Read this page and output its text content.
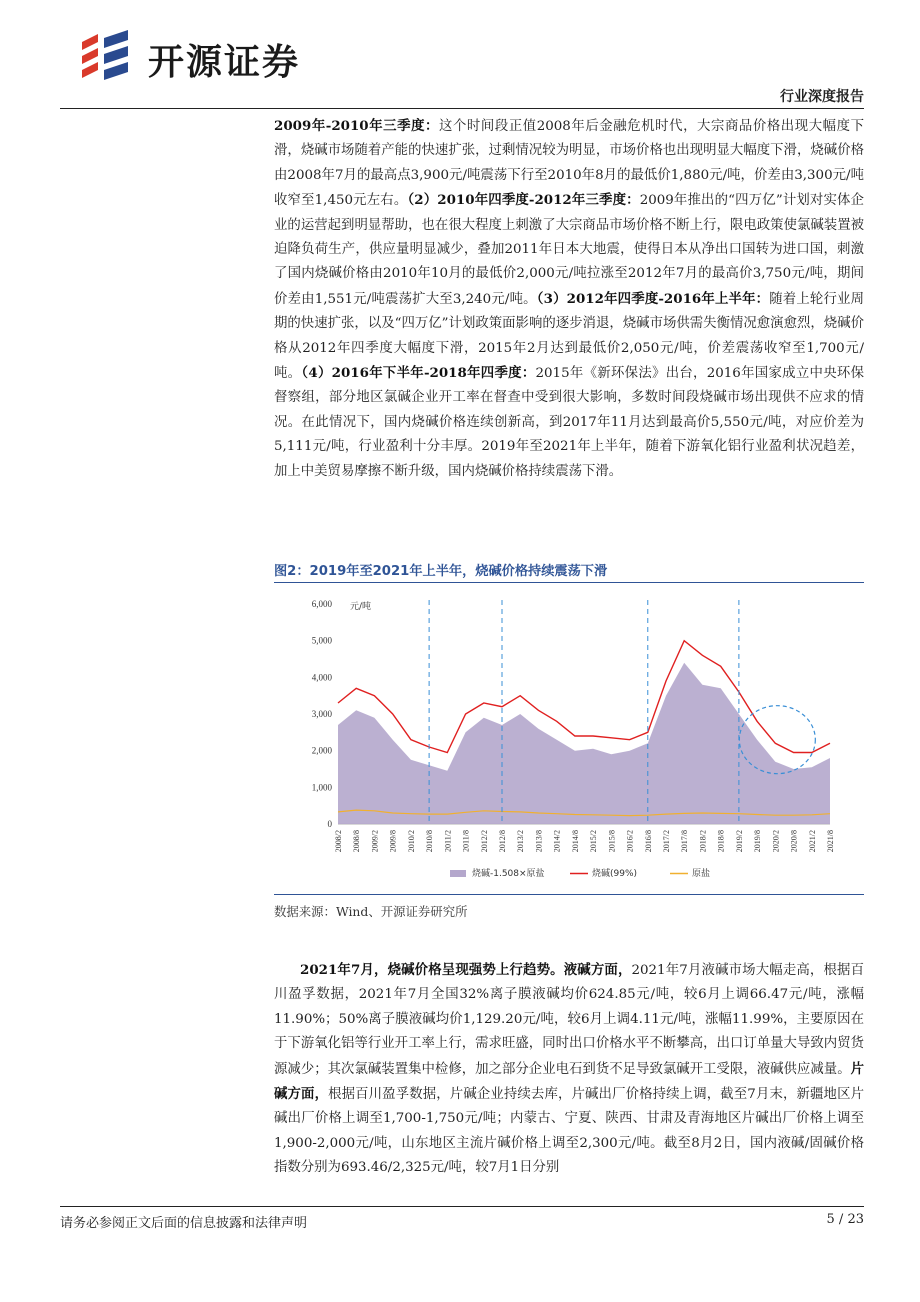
开源证券
行业深度报告
2009年-2010年三季度：这个时间段正值2008年后金融危机时代，大宗商品价格出现大幅度下滑，烧碱市场随着产能的快速扩张，过剩情况较为明显，市场价格也出现明显大幅度下滑，烧碱价格由2008年7月的最高点3,900元/吨震荡下行至2010年8月的最低价1,880元/吨，价差由3,300元/吨收窄至1,450元左右。（2）2010年四季度-2012年三季度：2009年推出的“四万亿”计划对实体企业的运营起到明显帮助，也在很大程度上刺激了大宗商品市场价格不断上行，限电政策使氯碱装置被迫降负荷生产，供应量明显减少，叠加2011年日本大地震，使得日本从净出口国转为进口国，刺激了国内烧碱价格由2010年10月的最低价2,000元/吨拉涨至2012年7月的最高价3,750元/吨，期间价差由1,551元/吨震荡扩大至3,240元/吨。（3）2012年四季度-2016年上半年：随着上轮行业周期的快速扩张，以及“四万亿”计划政策面影响的逐步消退，烧碱市场供需失衡情况愈演愈烈，烧碱价格从2012年四季度大幅度下滑，2015年2月达到最低价2,050元/吨，价差震荡收窄至1,700元/吨。（4）2016年下半年-2018年四季度：2015年《新环保法》出台，2016年国家成立中央环保督察组，部分地区氯碱企业开工率在督查中受到很大影响，多数时间段烧碱市场出现供不应求的情况。在此情况下，国内烧碱价格连续创新高，到2017年11月达到最高价5,550元/吨，对应价差为5,111元/吨，行业盈利十分丰厚。2019年至2021年上半年，随着下游氧化铝行业盈利状况趋差，加上中美贸易摩擦不断升级，国内烧碱价格持续震荡下滑。
图2：2019年至2021年上半年，烧碱价格持续震荡下滑
6,000
5,000
4,000
3,000
2,000
1,000
0
元/吨
2008/2 2008/8 2009/2 2009/8 2010/2 2010/8 2011/2 2011/8 2012/2 2012/8 2013/2 2013/8 2014/2 2014/8 2015/2 2015/8 2016/2 2016/8 2017/2 2017/8 2018/2 2018/8 2019/2 2019/8 2020/2 2020/8 2021/2 2021/8
烧碱-1.508×原盐	烧碱(99%)	原盐
数据来源：Wind、开源证券研究所
2021年7月，烧碱价格呈现强势上行趋势。液碱方面，2021年7月液碱市场大幅走高，根据百川盈孚数据，2021年7月全国32%离子膜液碱均价624.85元/吨，较6月上调66.47元/吨，涨幅11.90%；50%离子膜液碱均价1,129.20元/吨，较6月上调4.11元/吨，涨幅11.99%，主要原因在于下游氧化铝等行业开工率上行，需求旺盛，同时出口价格水平不断攀高，出口订单量大导致内贸货源减少；其次氯碱装置集中检修，加之部分企业电石到货不足导致氯碱开工受限，液碱供应减量。片碱方面，根据百川盈孚数据，片碱企业持续去库，片碱出厂价格持续上调，截至7月末，新疆地区片碱出厂价格上调至1,700-1,750元/吨；内蒙古、宁夏、陕西、甘肃及青海地区片碱出厂价格上调至1,900-2,000元/吨，山东地区主流片碱价格上调至2,300元/吨。截至8月2日，国内液碱/固碱价格指数分别为693.46/2,325元/吨，较7月1日分别
请务必参阅正文后面的信息披露和法律声明	5 / 23
